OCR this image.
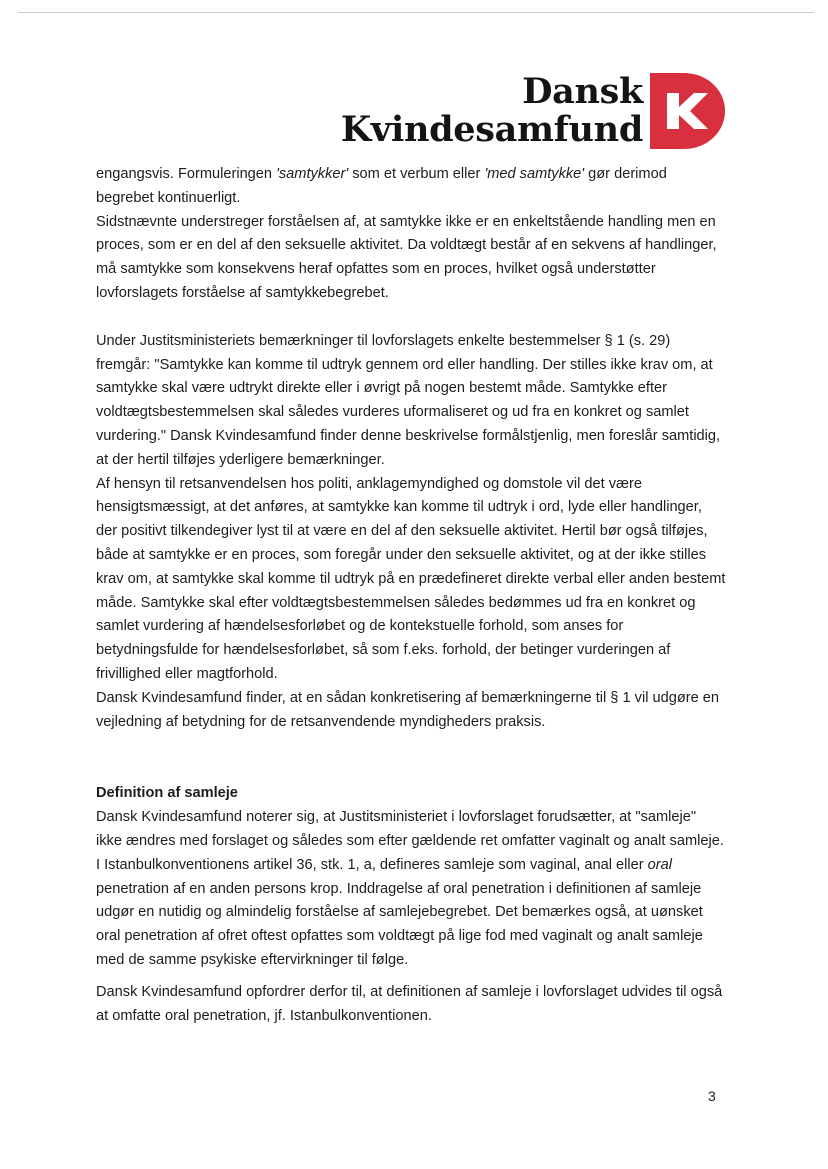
Dansk
Kvindesamfund

engangsvis. Formuleringen 'samtykker' som et verbum eller 'med samtykke' gør derimod begrebet kontinuerligt.

Sidstnævnte understreger forståelsen af, at samtykke ikke er en enkeltstående handling men en proces, som er en del af den seksuelle aktivitet. Da voldtægt består af en sekvens af handlinger, må samtykke som konsekvens heraf opfattes som en proces, hvilket også understøtter lovforslagets forståelse af samtykkebegrebet.

Under Justitsministeriets bemærkninger til lovforslagets enkelte bestemmelser § 1 (s. 29) fremgår: "Samtykke kan komme til udtryk gennem ord eller handling. Der stilles ikke krav om, at samtykke skal være udtrykt direkte eller i øvrigt på nogen bestemt måde. Samtykke efter voldtægtsbestemmelsen skal således vurderes uformaliseret og ud fra en konkret og samlet vurdering." Dansk Kvindesamfund finder denne beskrivelse formålstjenlig, men foreslår samtidig, at der hertil tilføjes yderligere bemærkninger.

Af hensyn til retsanvendelsen hos politi, anklagemyndighed og domstole vil det være hensigtsmæssigt, at det anføres, at samtykke kan komme til udtryk i ord, lyde eller handlinger, der positivt tilkendegiver lyst til at være en del af den seksuelle aktivitet. Hertil bør også tilføjes, både at samtykke er en proces, som foregår under den seksuelle aktivitet, og at der ikke stilles krav om, at samtykke skal komme til udtryk på en prædefineret direkte verbal eller anden bestemt måde. Samtykke skal efter voldtægtsbestemmelsen således bedømmes ud fra en konkret og samlet vurdering af hændelsesforløbet og de kontekstuelle forhold, som anses for betydningsfulde for hændelsesforløbet, så som f.eks. forhold, der betinger vurderingen af frivillighed eller magtforhold.

Dansk Kvindesamfund finder, at en sådan konkretisering af bemærkningerne til § 1 vil udgøre en vejledning af betydning for de retsanvendende myndigheders praksis.

Definition af samleje

Dansk Kvindesamfund noterer sig, at Justitsministeriet i lovforslaget forudsætter, at "samleje" ikke ændres med forslaget og således som efter gældende ret omfatter vaginalt og analt samleje. I Istanbulkonventionens artikel 36, stk. 1, a, defineres samleje som vaginal, anal eller oral penetration af en anden persons krop. Inddragelse af oral penetration i definitionen af samleje udgør en nutidig og almindelig forståelse af samlejebegrebet. Det bemærkes også, at uønsket oral penetration af ofret oftest opfattes som voldtægt på lige fod med vaginalt og analt samleje med de samme psykiske eftervirkninger til følge.

Dansk Kvindesamfund opfordrer derfor til, at definitionen af samleje i lovforslaget udvides til også at omfatte oral penetration, jf. Istanbulkonventionen.

3
